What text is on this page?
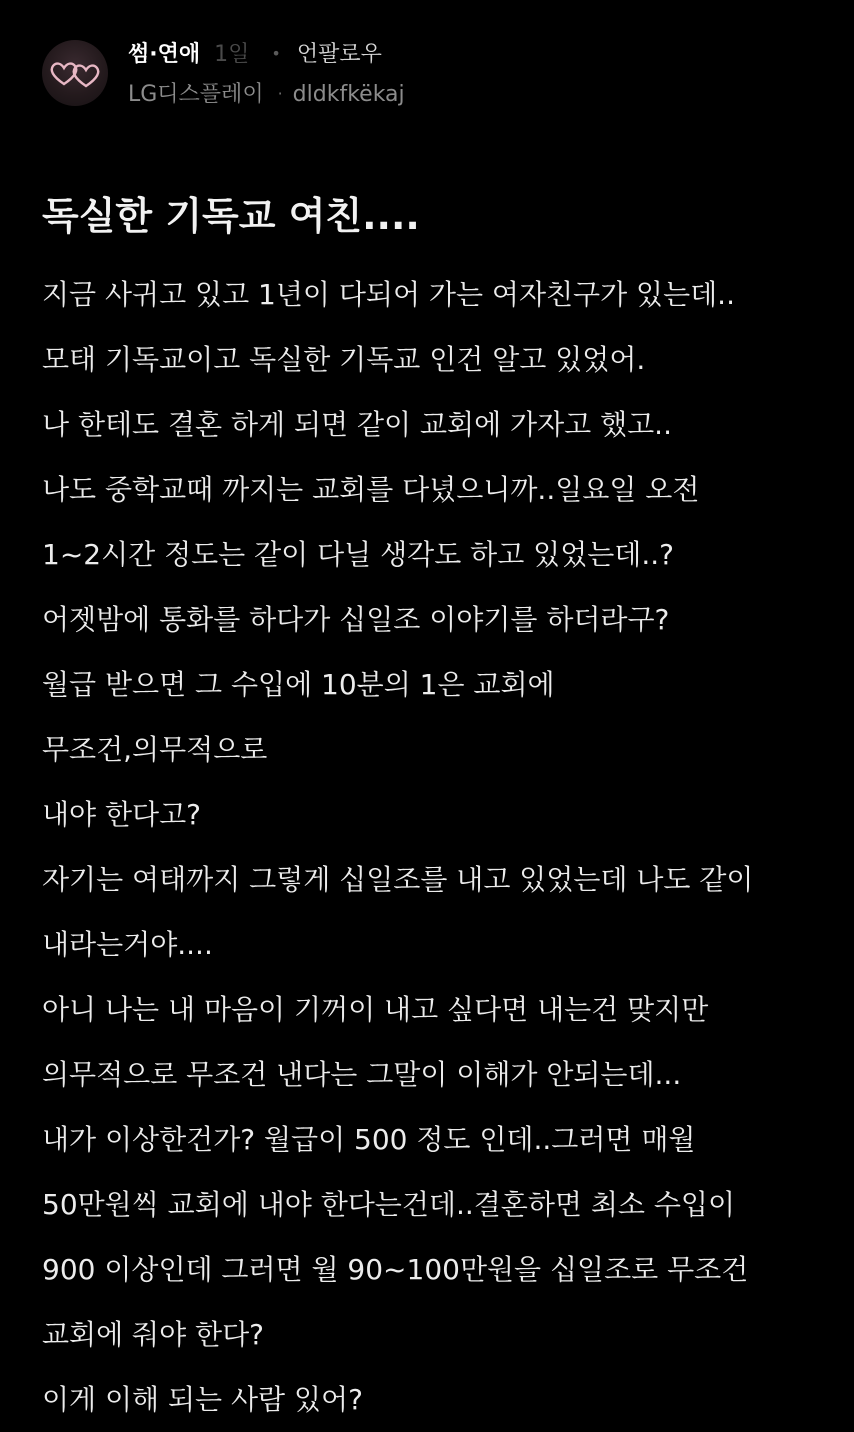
썸·연애 1일 • 언팔로우
LG디스플레이 · dldkfkëkaj
독실한 기독교 여친....
지금 사귀고 있고 1년이 다되어 가는 여자친구가 있는데..
모태 기독교이고 독실한 기독교 인건 알고 있었어.
나 한테도 결혼 하게 되면 같이 교회에 가자고 했고..
나도 중학교때 까지는 교회를 다녔으니까..일요일 오전
1~2시간 정도는 같이 다닐 생각도 하고 있었는데..?
어젯밤에 통화를 하다가 십일조 이야기를 하더라구?
월급 받으면 그 수입에 10분의 1은 교회에
무조건,의무적으로
내야 한다고?
자기는 여태까지 그렇게 십일조를 내고 있었는데 나도 같이
내라는거야....
아니 나는 내 마음이 기꺼이 내고 싶다면 내는건 맞지만
의무적으로 무조건 낸다는 그말이 이해가 안되는데...
내가 이상한건가? 월급이 500 정도 인데..그러면 매월
50만원씩 교회에 내야 한다는건데..결혼하면 최소 수입이
900 이상인데 그러면 월 90~100만원을 십일조로 무조건
교회에 줘야 한다?
이게 이해 되는 사람 있어?
